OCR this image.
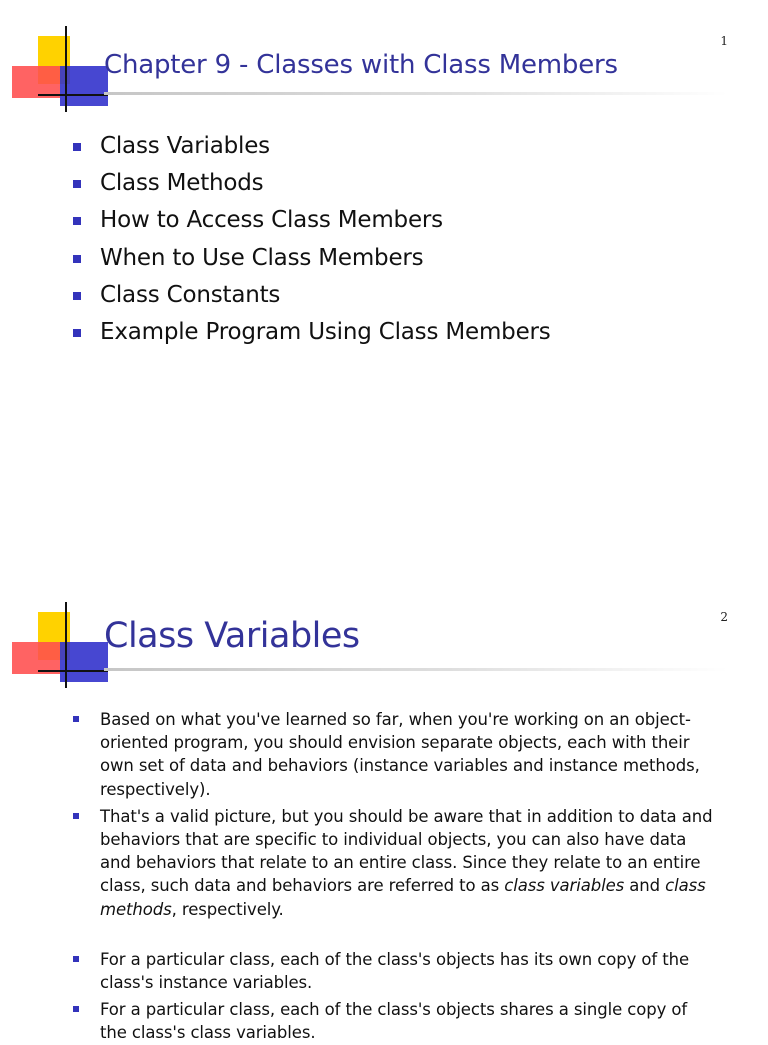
1
Chapter 9 - Classes with Class Members
Class Variables
Class Methods
How to Access Class Members
When to Use Class Members
Class Constants
Example Program Using Class Members
2
Class Variables
Based on what you've learned so far, when you're working on an object-oriented program, you should envision separate objects, each with their own set of data and behaviors (instance variables and instance methods, respectively).
That's a valid picture, but you should be aware that in addition to data and behaviors that are specific to individual objects, you can also have data and behaviors that relate to an entire class. Since they relate to an entire class, such data and behaviors are referred to as class variables and class methods, respectively.
For a particular class, each of the class's objects has its own copy of the class's instance variables.
For a particular class, each of the class's objects shares a single copy of the class's class variables.
